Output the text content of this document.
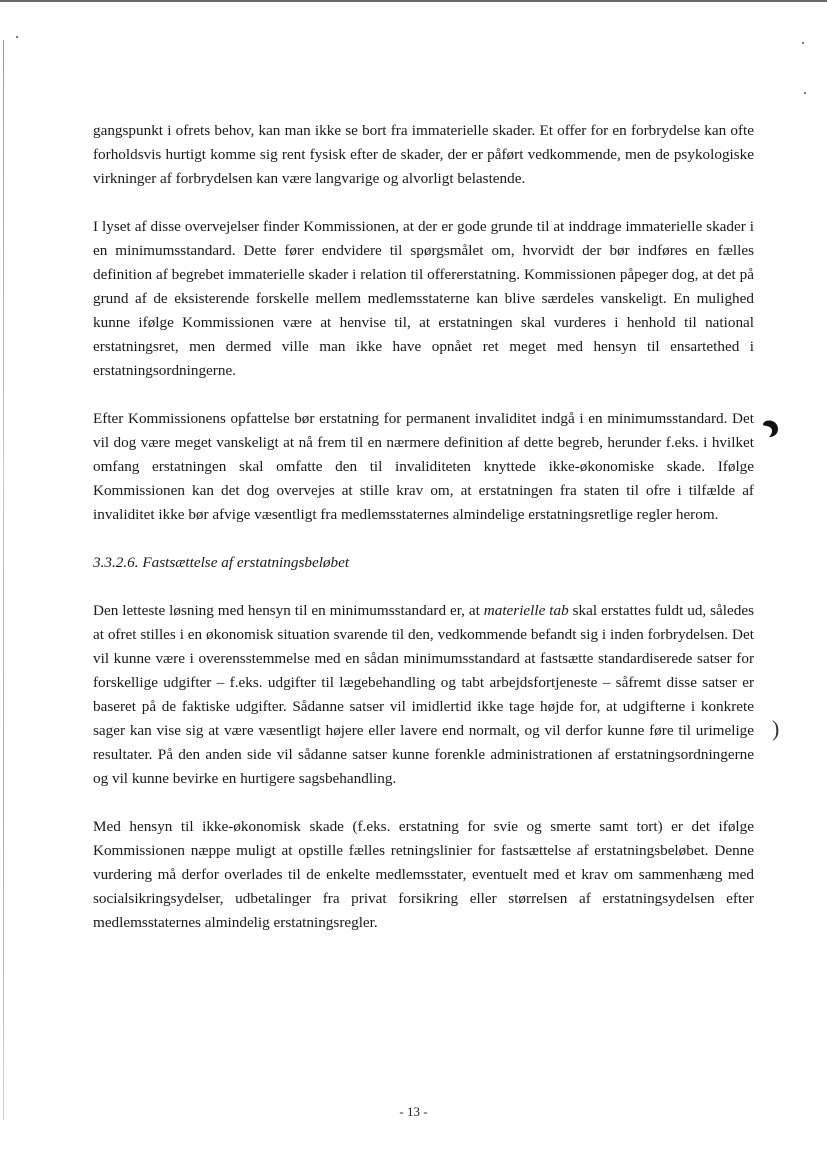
gangspunkt i ofrets behov, kan man ikke se bort fra immaterielle skader. Et offer for en forbrydelse kan ofte forholdsvis hurtigt komme sig rent fysisk efter de skader, der er påført vedkommende, men de psykologiske virkninger af forbrydelsen kan være langvarige og alvorligt belastende.

I lyset af disse overvejelser finder Kommissionen, at der er gode grunde til at inddrage immaterielle skader i en minimumsstandard. Dette fører endvidere til spørgsmålet om, hvorvidt der bør indføres en fælles definition af begrebet immaterielle skader i relation til offererstatning. Kommissionen påpeger dog, at det på grund af de eksisterende forskelle mellem medlemsstaterne kan blive særdeles vanskeligt. En mulighed kunne ifølge Kommissionen være at henvise til, at erstatningen skal vurderes i henhold til national erstatningsret, men dermed ville man ikke have opnået ret meget med hensyn til ensartethed i erstatningsordningerne.

Efter Kommissionens opfattelse bør erstatning for permanent invaliditet indgå i en minimumsstandard. Det vil dog være meget vanskeligt at nå frem til en nærmere definition af dette begreb, herunder f.eks. i hvilket omfang erstatningen skal omfatte den til invaliditeten knyttede ikke-økonomiske skade. Ifølge Kommissionen kan det dog overvejes at stille krav om, at erstatningen fra staten til ofre i tilfælde af invaliditet ikke bør afvige væsentligt fra medlemsstaternes almindelige erstatningsretlige regler herom.

3.3.2.6. Fastsættelse af erstatningsbeløbet

Den letteste løsning med hensyn til en minimumsstandard er, at materielle tab skal erstattes fuldt ud, således at ofret stilles i en økonomisk situation svarende til den, vedkommende befandt sig i inden forbrydelsen. Det vil kunne være i overensstemmelse med en sådan minimumsstandard at fastsætte standardiserede satser for forskellige udgifter – f.eks. udgifter til lægebehandling og tabt arbejdsfortjeneste – såfremt disse satser er baseret på de faktiske udgifter. Sådanne satser vil imidlertid ikke tage højde for, at udgifterne i konkrete sager kan vise sig at være væsentligt højere eller lavere end normalt, og vil derfor kunne føre til urimelige resultater. På den anden side vil sådanne satser kunne forenkle administrationen af erstatningsordningerne og vil kunne bevirke en hurtigere sagsbehandling.

Med hensyn til ikke-økonomisk skade (f.eks. erstatning for svie og smerte samt tort) er det ifølge Kommissionen næppe muligt at opstille fælles retningslinier for fastsættelse af erstatningsbeløbet. Denne vurdering må derfor overlades til de enkelte medlemsstater, eventuelt med et krav om sammenhæng med socialsikringsydelser, udbetalinger fra privat forsikring eller størrelsen af erstatningsydelsen efter medlemsstaternes almindelig erstatningsregler.

)
- 13 -
